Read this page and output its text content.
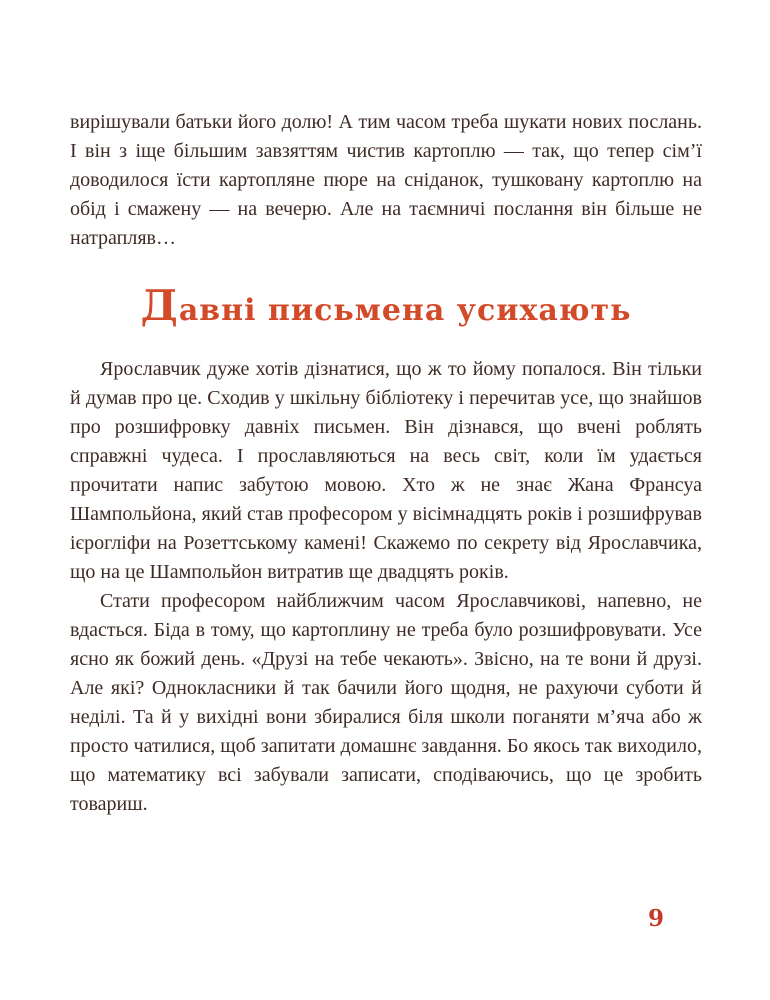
вирішували батьки його долю! А тим часом треба шукати нових послань. І він з іще більшим завзяттям чистив картоплю — так, що тепер сім’ї доводилося їсти картопляне пюре на сніданок, тушковану картоплю на обід і смажену — на вечерю. Але на таємничі послання він більше не натрапляв…

Давні письмена усихають

Ярославчик дуже хотів дізнатися, що ж то йому попалося. Він тільки й думав про це. Сходив у шкільну бібліотеку і перечитав усе, що знайшов про розшифровку давніх письмен. Він дізнався, що вчені роблять справжні чудеса. І прославляються на весь світ, коли їм удається прочитати напис забутою мовою. Хто ж не знає Жана Франсуа Шампольйона, який став професором у вісімнадцять років і розшифрував ієрогліфи на Розеттському камені! Скажемо по секрету від Ярославчика, що на це Шампольйон витратив ще двадцять років.

Стати професором найближчим часом Ярославчикові, напевно, не вдасться. Біда в тому, що картоплину не треба було розшифровувати. Усе ясно як божий день. «Друзі на тебе чекають». Звісно, на те вони й друзі. Але які? Однокласники й так бачили його щодня, не рахуючи суботи й неділі. Та й у вихідні вони збиралися біля школи поганяти м’яча або ж просто чатилися, щоб запитати домашнє завдання. Бо якось так виходило, що математику всі забували записати, сподіваючись, що це зробить товариш.

9
